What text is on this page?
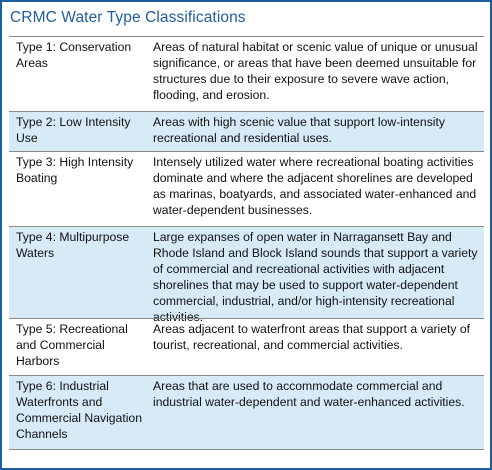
CRMC Water Type Classifications
Type 1: Conservation Areas
Areas of natural habitat or scenic value of unique or unusual significance, or areas that have been deemed unsuitable for structures due to their exposure to severe wave action, flooding, and erosion.
Type 2: Low Intensity Use
Areas with high scenic value that support low-intensity recreational and residential uses.
Type 3: High Intensity Boating
Intensely utilized water where recreational boating activities dominate and where the adjacent shorelines are developed as marinas, boatyards, and associated water-enhanced and water-dependent businesses.
Type 4: Multipurpose Waters
Large expanses of open water in Narragansett Bay and Rhode Island and Block Island sounds that support a variety of commercial and recreational activities with adjacent shorelines that may be used to support water-dependent commercial, industrial, and/or high-intensity recreational activities.
Type 5: Recreational and Commercial Harbors
Areas adjacent to waterfront areas that support a variety of tourist, recreational, and commercial activities.
Type 6: Industrial Waterfronts and Commercial Navigation Channels
Areas that are used to accommodate commercial and industrial water-dependent and water-enhanced activities.
